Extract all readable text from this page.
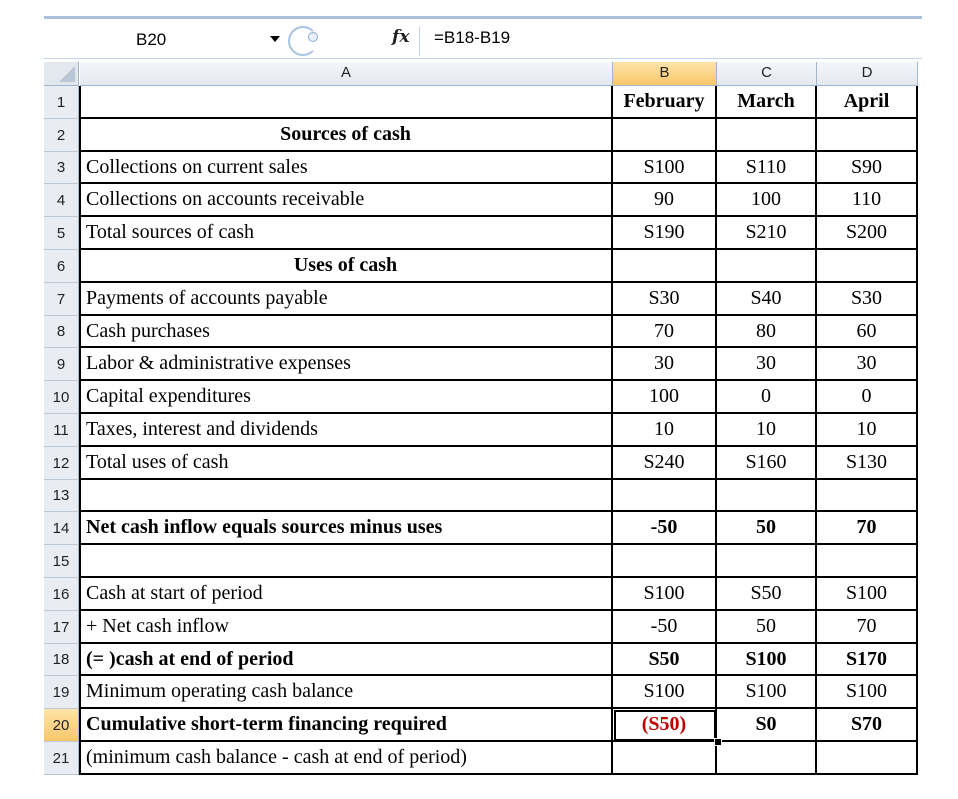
B20	fx =B18-B19
A	B	C	D
1	February	March	April
2	Sources of cash
3	Collections on current sales	S100	S110	S90
4	Collections on accounts receivable	90	100	110
5	Total sources of cash	S190	S210	S200
6	Uses of cash
7	Payments of accounts payable	S30	S40	S30
8	Cash purchases	70	80	60
9	Labor & administrative expenses	30	30	30
10 Capital expenditures	100	0	0
11 Taxes, interest and dividends	10	10	10
12 Total uses of cash	S240	S160	S130
13
14 Net cash inflow equals sources minus uses	-50	50	70
15
16 Cash at start of period	S100	S50	S100
17 + Net cash inflow	-50	50	70
18 (= )cash at end of period	S50	S100	S170
19 Minimum operating cash balance	S100	S100	S100
20 Cumulative short-term financing required	(S50)	S0	S70
21 (minimum cash balance - cash at end of period)
